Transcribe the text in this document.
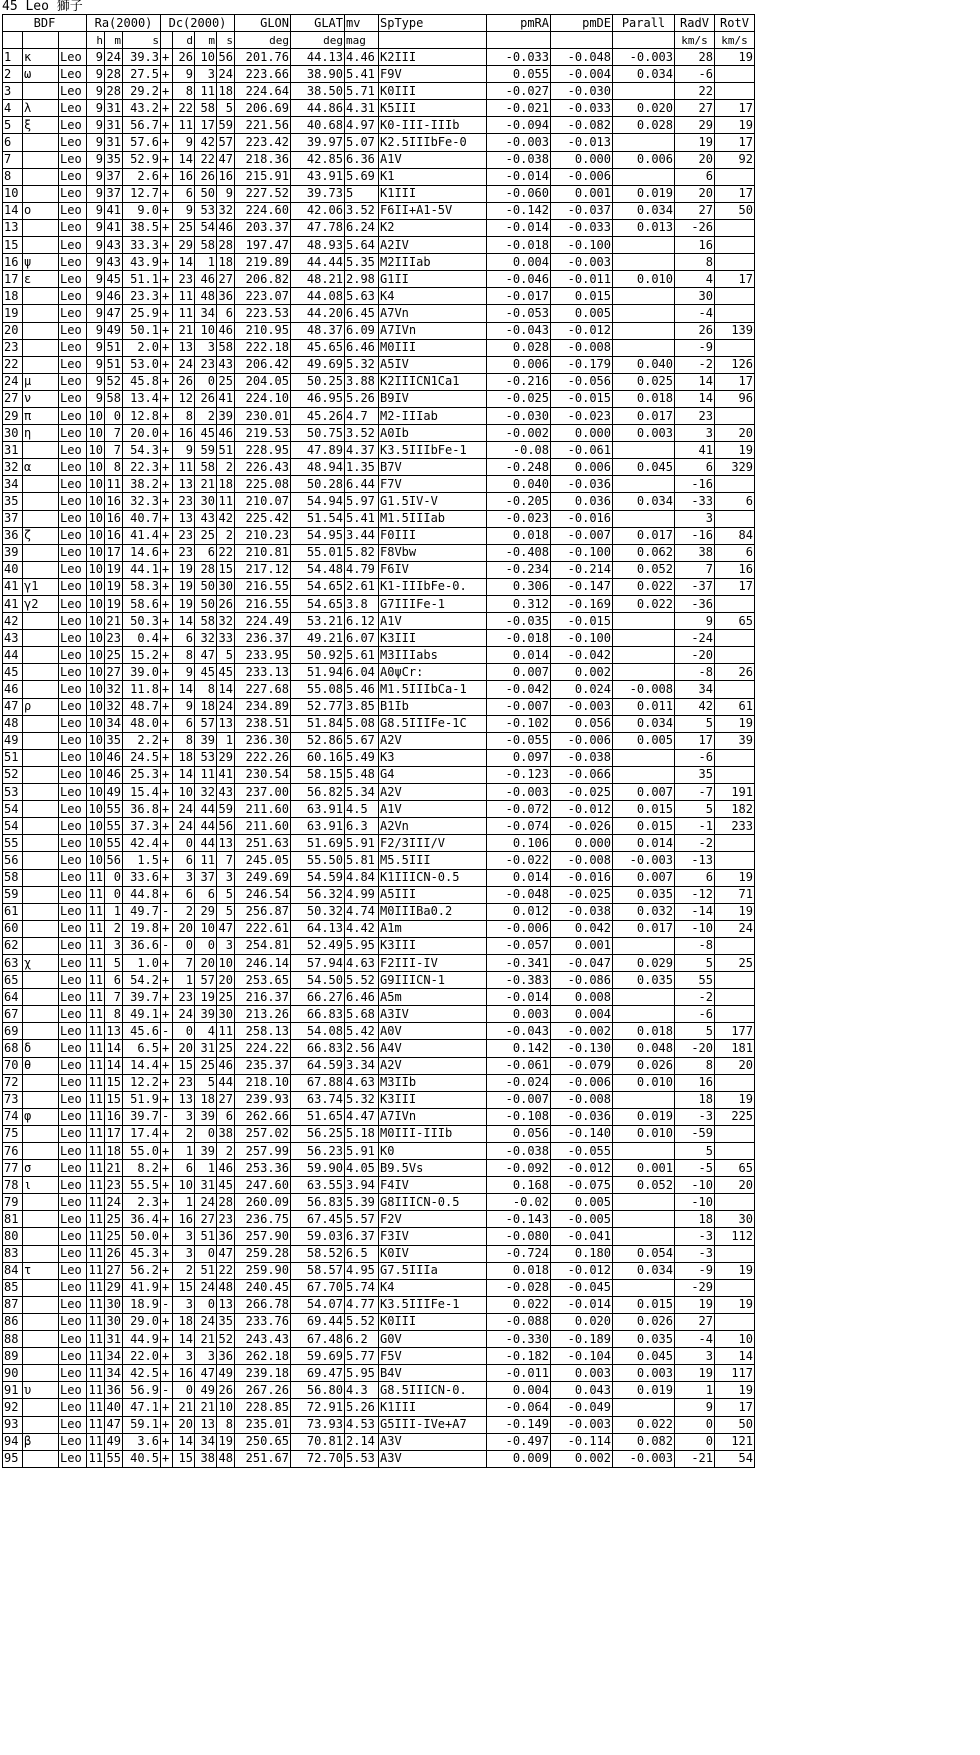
45 Leo 獅子
BDF			Ra(2000)			Dc(2000)				GLON	GLAT	mv	SpType	pmRA	pmDE	Parall	RadV	RotV
			h	m	s		d	m	s	deg	deg	mag					km/s	km/s
1	κ	Leo	9	24	39.3	+	26	10	56	201.76	44.13	4.46	K2III	-0.033	-0.048	-0.003	28	19
2	ω	Leo	9	28	27.5	+	9	3	24	223.66	38.90	5.41	F9V	0.055	-0.004	0.034	-6	
3		Leo	9	28	29.2	+	8	11	18	224.64	38.50	5.71	K0III	-0.027	-0.030		22	
4	λ	Leo	9	31	43.2	+	22	58	5	206.69	44.86	4.31	K5III	-0.021	-0.033	0.020	27	17
5	ξ	Leo	9	31	56.7	+	11	17	59	221.56	40.68	4.97	K0-III-IIIb	-0.094	-0.082	0.028	29	19
6		Leo	9	31	57.6	+	9	42	57	223.42	39.97	5.07	K2.5IIIbFe-0	-0.003	-0.013		19	17
7		Leo	9	35	52.9	+	14	22	47	218.36	42.85	6.36	A1V	-0.038	0.000	0.006	20	92
8		Leo	9	37	2.6	+	16	26	16	215.91	43.91	5.69	K1	-0.014	-0.006		6	
10		Leo	9	37	12.7	+	6	50	9	227.52	39.73	5	K1III	-0.060	0.001	0.019	20	17
14	ο	Leo	9	41	9.0	+	9	53	32	224.60	42.06	3.52	F6II+A1-5V	-0.142	-0.037	0.034	27	50
13		Leo	9	41	38.5	+	25	54	46	203.37	47.78	6.24	K2	-0.014	-0.033	0.013	-26	
15		Leo	9	43	33.3	+	29	58	28	197.47	48.93	5.64	A2IV	-0.018	-0.100		16	
16	ψ	Leo	9	43	43.9	+	14	1	18	219.89	44.44	5.35	M2IIIab	0.004	-0.003		8	
17	ε	Leo	9	45	51.1	+	23	46	27	206.82	48.21	2.98	G1II	-0.046	-0.011	0.010	4	17
18		Leo	9	46	23.3	+	11	48	36	223.07	44.08	5.63	K4	-0.017	0.015		30	
19		Leo	9	47	25.9	+	11	34	6	223.53	44.20	6.45	A7Vn	-0.053	0.005		-4	
20		Leo	9	49	50.1	+	21	10	46	210.95	48.37	6.09	A7IVn	-0.043	-0.012		26	139
23		Leo	9	51	2.0	+	13	3	58	222.18	45.65	6.46	M0III	0.028	-0.008		-9	
22		Leo	9	51	53.0	+	24	23	43	206.42	49.69	5.32	A5IV	0.006	-0.179	0.040	-2	126
24	μ	Leo	9	52	45.8	+	26	0	25	204.05	50.25	3.88	K2IIICN1Ca1	-0.216	-0.056	0.025	14	17
27	ν	Leo	9	58	13.4	+	12	26	41	224.10	46.95	5.26	B9IV	-0.025	-0.015	0.018	14	96
29	π	Leo	10	0	12.8	+	8	2	39	230.01	45.26	4.7	M2-IIIab	-0.030	-0.023	0.017	23	
30	η	Leo	10	7	20.0	+	16	45	46	219.53	50.75	3.52	A0Ib	-0.002	0.000	0.003	3	20
31		Leo	10	7	54.3	+	9	59	51	228.95	47.89	4.37	K3.5IIIbFe-1	-0.08	-0.061		41	19
32	α	Leo	10	8	22.3	+	11	58	2	226.43	48.94	1.35	B7V	-0.248	0.006	0.045	6	329
34		Leo	10	11	38.2	+	13	21	18	225.08	50.28	6.44	F7V	0.040	-0.036		-16	
35		Leo	10	16	32.3	+	23	30	11	210.07	54.94	5.97	G1.5IV-V	-0.205	0.036	0.034	-33	6
37		Leo	10	16	40.7	+	13	43	42	225.42	51.54	5.41	M1.5IIIab	-0.023	-0.016		3	
36	ζ	Leo	10	16	41.4	+	23	25	2	210.23	54.95	3.44	F0III	0.018	-0.007	0.017	-16	84
39		Leo	10	17	14.6	+	23	6	22	210.81	55.01	5.82	F8Vbw	-0.408	-0.100	0.062	38	6
40		Leo	10	19	44.1	+	19	28	15	217.12	54.48	4.79	F6IV	-0.234	-0.214	0.052	7	16
41	γ1	Leo	10	19	58.3	+	19	50	30	216.55	54.65	2.61	K1-IIIbFe-0.	0.306	-0.147	0.022	-37	17
41	γ2	Leo	10	19	58.6	+	19	50	26	216.55	54.65	3.8	G7IIIFe-1	0.312	-0.169	0.022	-36	
42		Leo	10	21	50.3	+	14	58	32	224.49	53.21	6.12	A1V	-0.035	-0.015		9	65
43		Leo	10	23	0.4	+	6	32	33	236.37	49.21	6.07	K3III	-0.018	-0.100		-24	
44		Leo	10	25	15.2	+	8	47	5	233.95	50.92	5.61	M3IIIabs	0.014	-0.042		-20	
45		Leo	10	27	39.0	+	9	45	45	233.13	51.94	6.04	A0ψCr:	0.007	0.002		-8	26
46		Leo	10	32	11.8	+	14	8	14	227.68	55.08	5.46	M1.5IIIbCa-1	-0.042	0.024	-0.008	34	
47	ρ	Leo	10	32	48.7	+	9	18	24	234.89	52.77	3.85	B1Ib	-0.007	-0.003	0.011	42	61
48		Leo	10	34	48.0	+	6	57	13	238.51	51.84	5.08	G8.5IIIFe-1C	-0.102	0.056	0.034	5	19
49		Leo	10	35	2.2	+	8	39	1	236.30	52.86	5.67	A2V	-0.055	-0.006	0.005	17	39
51		Leo	10	46	24.5	+	18	53	29	222.26	60.16	5.49	K3	0.097	-0.038		-6	
52		Leo	10	46	25.3	+	14	11	41	230.54	58.15	5.48	G4	-0.123	-0.066		35	
53		Leo	10	49	15.4	+	10	32	43	237.00	56.82	5.34	A2V	-0.003	-0.025	0.007	-7	191
54		Leo	10	55	36.8	+	24	44	59	211.60	63.91	4.5	A1V	-0.072	-0.012	0.015	5	182
54		Leo	10	55	37.3	+	24	44	56	211.60	63.91	6.3	A2Vn	-0.074	-0.026	0.015	-1	233
55		Leo	10	55	42.4	+	0	44	13	251.63	51.69	5.91	F2/3III/V	0.106	0.000	0.014	-2	
56		Leo	10	56	1.5	+	6	11	7	245.05	55.50	5.81	M5.5III	-0.022	-0.008	-0.003	-13	
58		Leo	11	0	33.6	+	3	37	3	249.69	54.59	4.84	K1IIICN-0.5	0.014	-0.016	0.007	6	19
59		Leo	11	0	44.8	+	6	6	5	246.54	56.32	4.99	A5III	-0.048	-0.025	0.035	-12	71
61		Leo	11	1	49.7	-	2	29	5	256.87	50.32	4.74	M0IIIBa0.2	0.012	-0.038	0.032	-14	19
60		Leo	11	2	19.8	+	20	10	47	222.61	64.13	4.42	A1m	-0.006	0.042	0.017	-10	24
62		Leo	11	3	36.6	-	0	0	3	254.81	52.49	5.95	K3III	-0.057	0.001		-8	
63	χ	Leo	11	5	1.0	+	7	20	10	246.14	57.94	4.63	F2III-IV	-0.341	-0.047	0.029	5	25
65		Leo	11	6	54.2	+	1	57	20	253.65	54.50	5.52	G9IIICN-1	-0.383	-0.086	0.035	55	
64		Leo	11	7	39.7	+	23	19	25	216.37	66.27	6.46	A5m	-0.014	0.008		-2	
67		Leo	11	8	49.1	+	24	39	30	213.26	66.83	5.68	A3IV	0.003	0.004		-6	
69		Leo	11	13	45.6	-	0	4	11	258.13	54.08	5.42	A0V	-0.043	-0.002	0.018	5	177
68	δ	Leo	11	14	6.5	+	20	31	25	224.22	66.83	2.56	A4V	0.142	-0.130	0.048	-20	181
70	θ	Leo	11	14	14.4	+	15	25	46	235.37	64.59	3.34	A2V	-0.061	-0.079	0.026	8	20
72		Leo	11	15	12.2	+	23	5	44	218.10	67.88	4.63	M3IIb	-0.024	-0.006	0.010	16	
73		Leo	11	15	51.9	+	13	18	27	239.93	63.74	5.32	K3III	-0.007	-0.008		18	19
74	φ	Leo	11	16	39.7	-	3	39	6	262.66	51.65	4.47	A7IVn	-0.108	-0.036	0.019	-3	225
75		Leo	11	17	17.4	+	2	0	38	257.02	56.25	5.18	M0III-IIIb	0.056	-0.140	0.010	-59	
76		Leo	11	18	55.0	+	1	39	2	257.99	56.23	5.91	K0	-0.038	-0.055		5	
77	σ	Leo	11	21	8.2	+	6	1	46	253.36	59.90	4.05	B9.5Vs	-0.092	-0.012	0.001	-5	65
78	ι	Leo	11	23	55.5	+	10	31	45	247.60	63.55	3.94	F4IV	0.168	-0.075	0.052	-10	20
79		Leo	11	24	2.3	+	1	24	28	260.09	56.83	5.39	G8IIICN-0.5	-0.02	0.005		-10	
81		Leo	11	25	36.4	+	16	27	23	236.75	67.45	5.57	F2V	-0.143	-0.005		18	30
80		Leo	11	25	50.0	+	3	51	36	257.90	59.03	6.37	F3IV	-0.080	-0.041		-3	112
83		Leo	11	26	45.3	+	3	0	47	259.28	58.52	6.5	K0IV	-0.724	0.180	0.054	-3	
84	τ	Leo	11	27	56.2	+	2	51	22	259.90	58.57	4.95	G7.5IIIa	0.018	-0.012	0.034	-9	19
85		Leo	11	29	41.9	+	15	24	48	240.45	67.70	5.74	K4	-0.028	-0.045		-29	
87		Leo	11	30	18.9	-	3	0	13	266.78	54.07	4.77	K3.5IIIFe-1	0.022	-0.014	0.015	19	19
86		Leo	11	30	29.0	+	18	24	35	233.76	69.44	5.52	K0III	-0.088	0.020	0.026	27	
88		Leo	11	31	44.9	+	14	21	52	243.43	67.48	6.2	G0V	-0.330	-0.189	0.035	-4	10
89		Leo	11	34	22.0	+	3	3	36	262.18	59.69	5.77	F5V	-0.182	-0.104	0.045	3	14
90		Leo	11	34	42.5	+	16	47	49	239.18	69.47	5.95	B4V	-0.011	0.003	0.003	19	117
91	υ	Leo	11	36	56.9	-	0	49	26	267.26	56.80	4.3	G8.5IIICN-0.	0.004	0.043	0.019	1	19
92		Leo	11	40	47.1	+	21	21	10	228.85	72.91	5.26	K1III	-0.064	-0.049		9	17
93		Leo	11	47	59.1	+	20	13	8	235.01	73.93	4.53	G5III-IVe+A7	-0.149	-0.003	0.022	0	50
94	β	Leo	11	49	3.6	+	14	34	19	250.65	70.81	2.14	A3V	-0.497	-0.114	0.082	0	121
95		Leo	11	55	40.5	+	15	38	48	251.67	72.70	5.53	A3V	0.009	0.002	-0.003	-21	54
